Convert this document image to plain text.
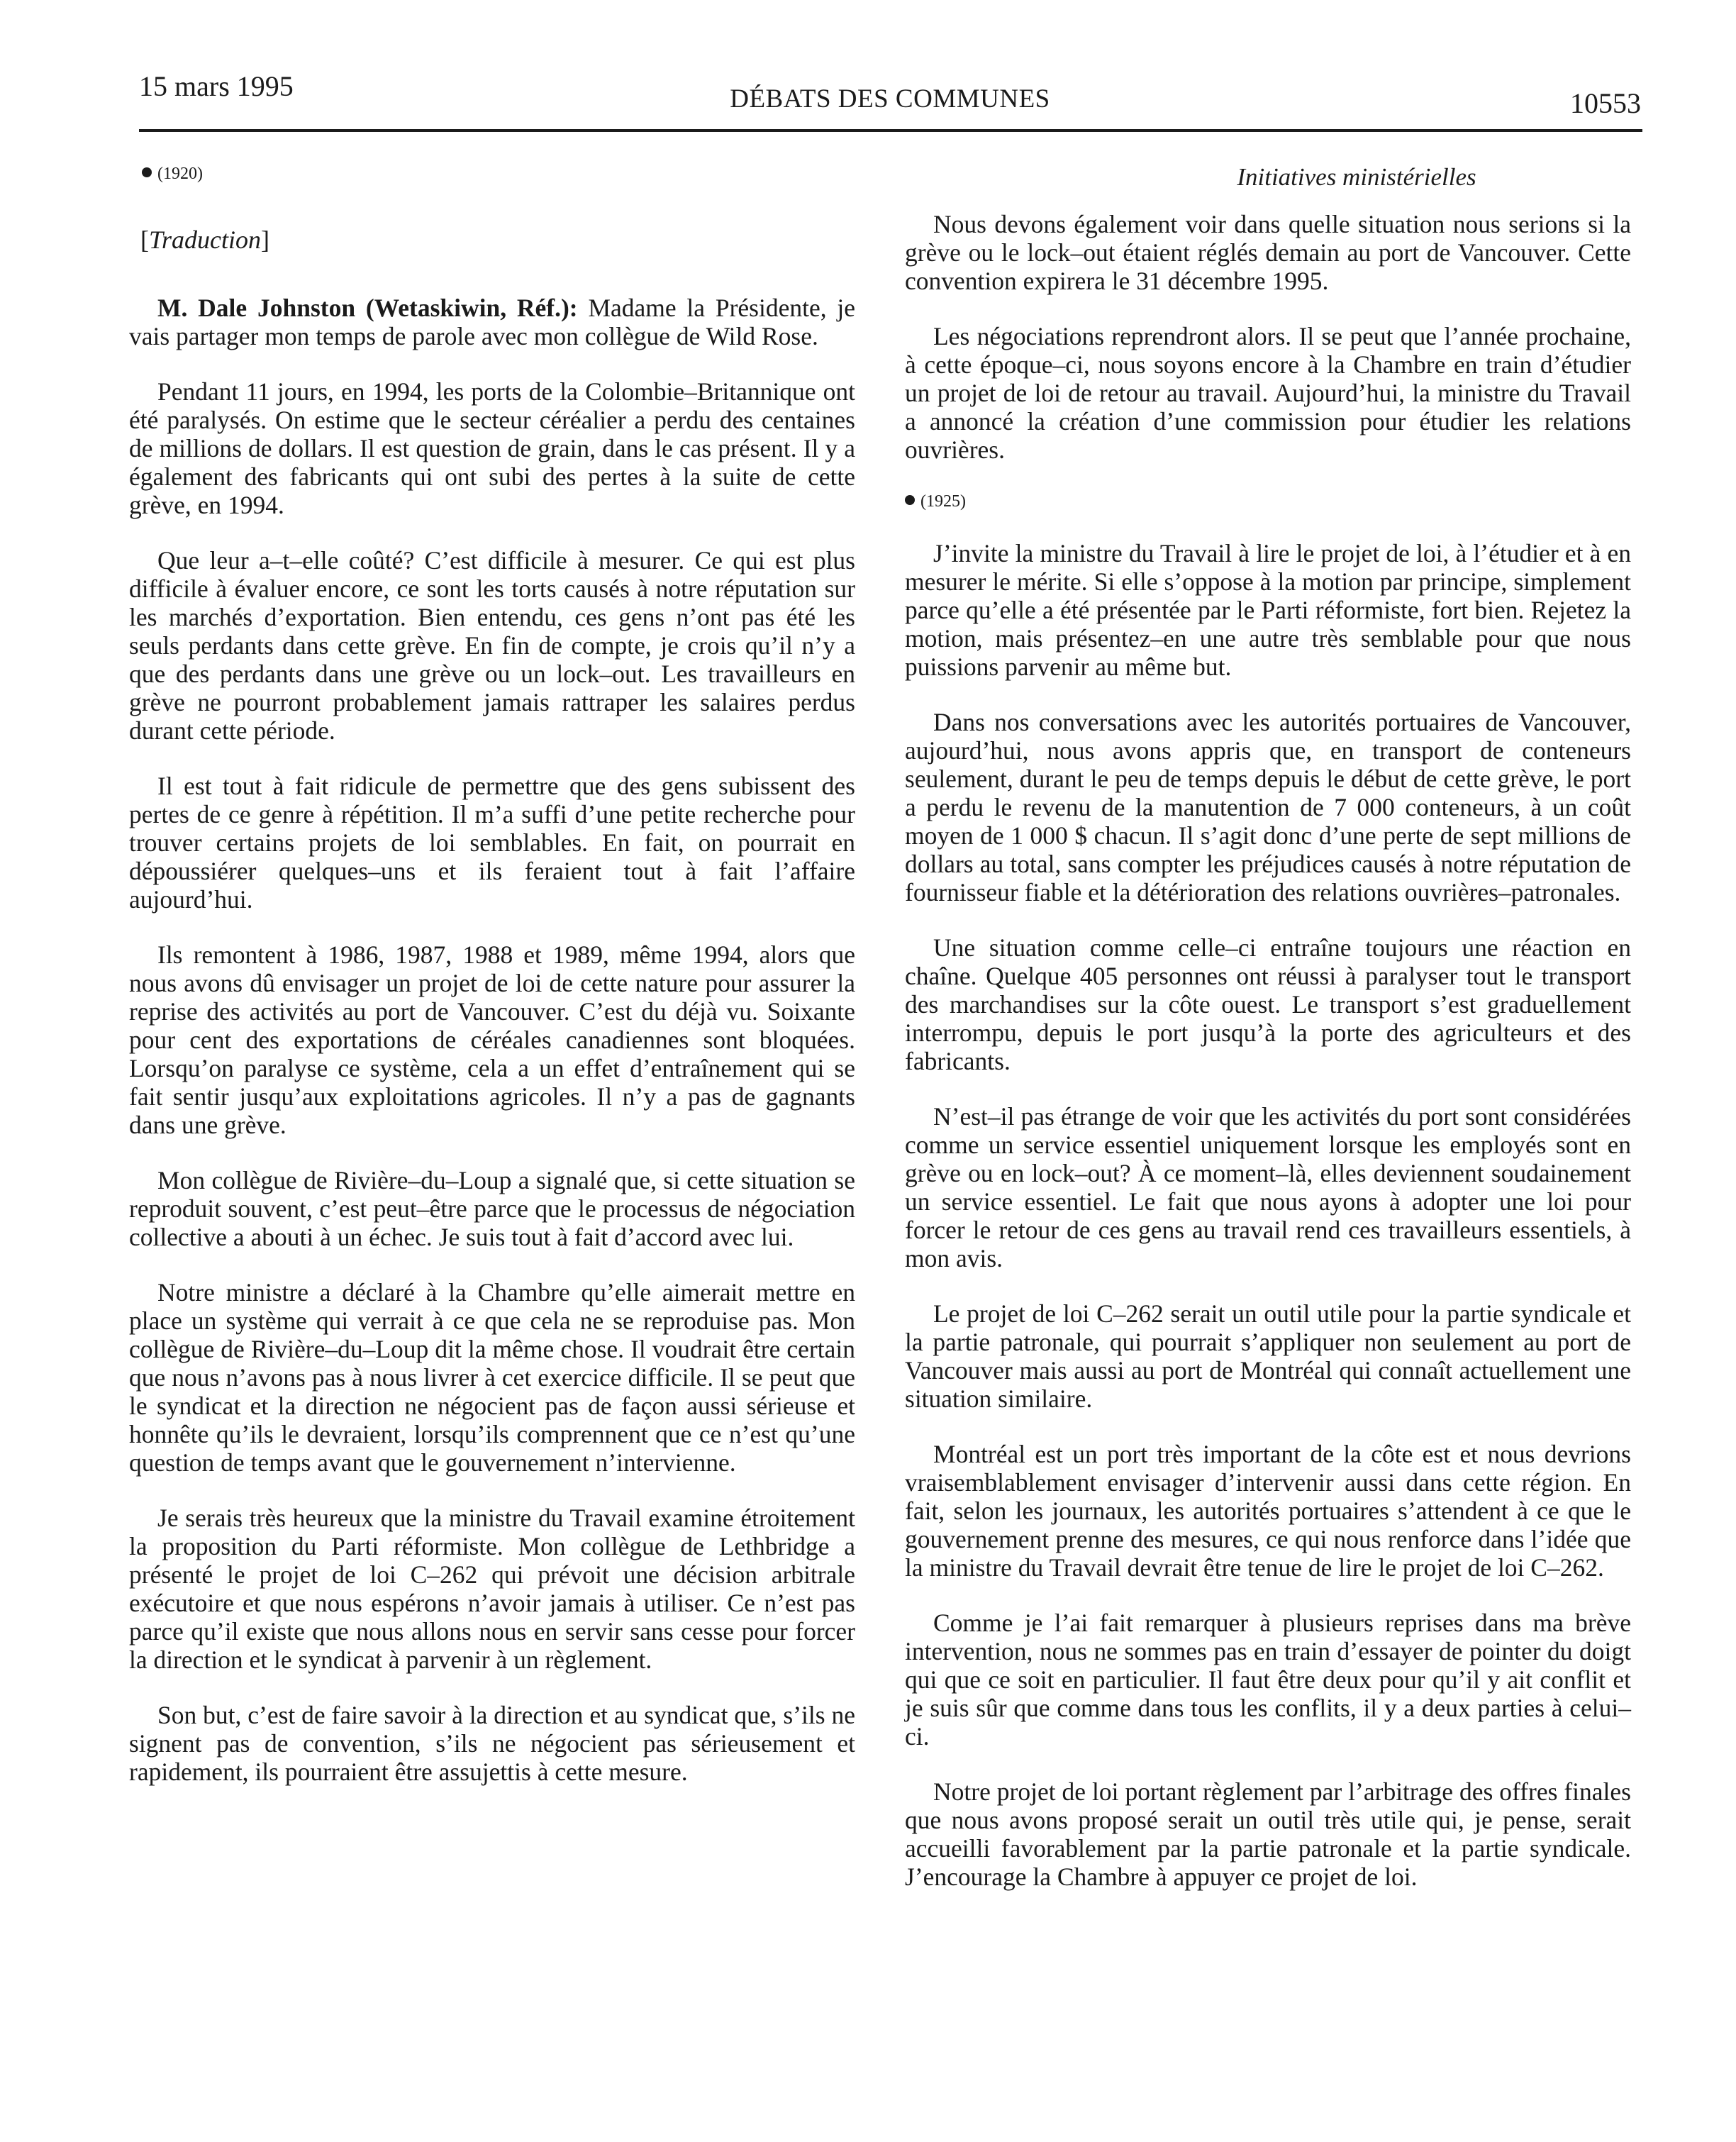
15 mars 1995	DÉBATS DES COMMUNES	10553
(1920)
[Traduction]

M. Dale Johnston (Wetaskiwin, Réf.): Madame la Présidente, je vais partager mon temps de parole avec mon collègue de Wild Rose.

Pendant 11 jours, en 1994, les ports de la Colombie–Britannique ont été paralysés. On estime que le secteur céréalier a perdu des centaines de millions de dollars. Il est question de grain, dans le cas présent. Il y a également des fabricants qui ont subi des pertes à la suite de cette grève, en 1994.

Que leur a–t–elle coûté? C’est difficile à mesurer. Ce qui est plus difficile à évaluer encore, ce sont les torts causés à notre réputation sur les marchés d’exportation. Bien entendu, ces gens n’ont pas été les seuls perdants dans cette grève. En fin de compte, je crois qu’il n’y a que des perdants dans une grève ou un lock–out. Les travailleurs en grève ne pourront probablement jamais rattraper les salaires perdus durant cette période.

Il est tout à fait ridicule de permettre que des gens subissent des pertes de ce genre à répétition. Il m’a suffi d’une petite recherche pour trouver certains projets de loi semblables. En fait, on pourrait en dépoussiérer quelques–uns et ils feraient tout à fait l’affaire aujourd’hui.

Ils remontent à 1986, 1987, 1988 et 1989, même 1994, alors que nous avons dû envisager un projet de loi de cette nature pour assurer la reprise des activités au port de Vancouver. C’est du déjà vu. Soixante pour cent des exportations de céréales canadiennes sont bloquées. Lorsqu’on paralyse ce système, cela a un effet d’entraînement qui se fait sentir jusqu’aux exploitations agricoles. Il n’y a pas de gagnants dans une grève.

Mon collègue de Rivière–du–Loup a signalé que, si cette situation se reproduit souvent, c’est peut–être parce que le processus de négociation collective a abouti à un échec. Je suis tout à fait d’accord avec lui.

Notre ministre a déclaré à la Chambre qu’elle aimerait mettre en place un système qui verrait à ce que cela ne se reproduise pas. Mon collègue de Rivière–du–Loup dit la même chose. Il voudrait être certain que nous n’avons pas à nous livrer à cet exercice difficile. Il se peut que le syndicat et la direction ne négocient pas de façon aussi sérieuse et honnête qu’ils le devraient, lorsqu’ils comprennent que ce n’est qu’une question de temps avant que le gouvernement n’intervienne.

Je serais très heureux que la ministre du Travail examine étroitement la proposition du Parti réformiste. Mon collègue de Lethbridge a présenté le projet de loi C–262 qui prévoit une décision arbitrale exécutoire et que nous espérons n’avoir jamais à utiliser. Ce n’est pas parce qu’il existe que nous allons nous en servir sans cesse pour forcer la direction et le syndicat à parvenir à un règlement.

Son but, c’est de faire savoir à la direction et au syndicat que, s’ils ne signent pas de convention, s’ils ne négocient pas sérieusement et rapidement, ils pourraient être assujettis à cette mesure.

Initiatives ministérielles

Nous devons également voir dans quelle situation nous serions si la grève ou le lock–out étaient réglés demain au port de Vancouver. Cette convention expirera le 31 décembre 1995.

Les négociations reprendront alors. Il se peut que l’année prochaine, à cette époque–ci, nous soyons encore à la Chambre en train d’étudier un projet de loi de retour au travail. Aujourd’hui, la ministre du Travail a annoncé la création d’une commission pour étudier les relations ouvrières.

(1925)

J’invite la ministre du Travail à lire le projet de loi, à l’étudier et à en mesurer le mérite. Si elle s’oppose à la motion par principe, simplement parce qu’elle a été présentée par le Parti réformiste, fort bien. Rejetez la motion, mais présentez–en une autre très semblable pour que nous puissions parvenir au même but.

Dans nos conversations avec les autorités portuaires de Vancouver, aujourd’hui, nous avons appris que, en transport de conteneurs seulement, durant le peu de temps depuis le début de cette grève, le port a perdu le revenu de la manutention de 7 000 conteneurs, à un coût moyen de 1 000 $ chacun. Il s’agit donc d’une perte de sept millions de dollars au total, sans compter les préjudices causés à notre réputation de fournisseur fiable et la détérioration des relations ouvrières–patronales.

Une situation comme celle–ci entraîne toujours une réaction en chaîne. Quelque 405 personnes ont réussi à paralyser tout le transport des marchandises sur la côte ouest. Le transport s’est graduellement interrompu, depuis le port jusqu’à la porte des agriculteurs et des fabricants.

N’est–il pas étrange de voir que les activités du port sont considérées comme un service essentiel uniquement lorsque les employés sont en grève ou en lock–out? À ce moment–là, elles deviennent soudainement un service essentiel. Le fait que nous ayons à adopter une loi pour forcer le retour de ces gens au travail rend ces travailleurs essentiels, à mon avis.

Le projet de loi C–262 serait un outil utile pour la partie syndicale et la partie patronale, qui pourrait s’appliquer non seulement au port de Vancouver mais aussi au port de Montréal qui connaît actuellement une situation similaire.

Montréal est un port très important de la côte est et nous devrions vraisemblablement envisager d’intervenir aussi dans cette région. En fait, selon les journaux, les autorités portuaires s’attendent à ce que le gouvernement prenne des mesures, ce qui nous renforce dans l’idée que la ministre du Travail devrait être tenue de lire le projet de loi C–262.

Comme je l’ai fait remarquer à plusieurs reprises dans ma brève intervention, nous ne sommes pas en train d’essayer de pointer du doigt qui que ce soit en particulier. Il faut être deux pour qu’il y ait conflit et je suis sûr que comme dans tous les conflits, il y a deux parties à celui–ci.

Notre projet de loi portant règlement par l’arbitrage des offres finales que nous avons proposé serait un outil très utile qui, je pense, serait accueilli favorablement par la partie patronale et la partie syndicale. J’encourage la Chambre à appuyer ce projet de loi.
